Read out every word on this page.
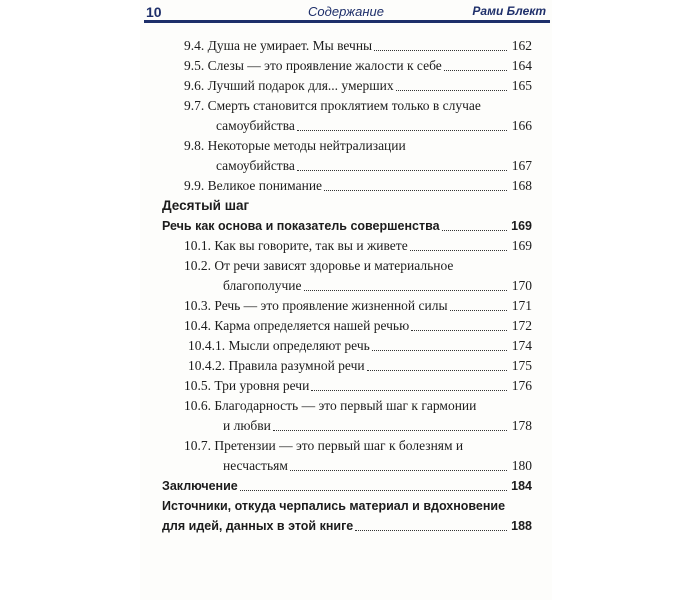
10	Содержание	Рами Блект
9.4. Душа не умирает. Мы вечны	162
9.5. Слезы — это проявление жалости к себе	164
9.6. Лучший подарок для... умерших	165
9.7. Смерть становится проклятием только в случае
самоубийства	166
9.8. Некоторые методы нейтрализации
самоубийства	167
9.9. Великое понимание	168
Десятый шаг
Речь как основа и показатель совершенства	169
10.1. Как вы говорите, так вы и живете	169
10.2. От речи зависят здоровье и материальное
благополучие	170
10.3. Речь — это проявление жизненной силы	171
10.4. Карма определяется нашей речью	172
10.4.1. Мысли определяют речь	174
10.4.2. Правила разумной речи	175
10.5. Три уровня речи	176
10.6. Благодарность — это первый шаг к гармонии
и любви	178
10.7. Претензии — это первый шаг к болезням и
несчастьям	180
Заключение	184
Источники, откуда черпались материал и вдохновение
для идей, данных в этой книге	188
